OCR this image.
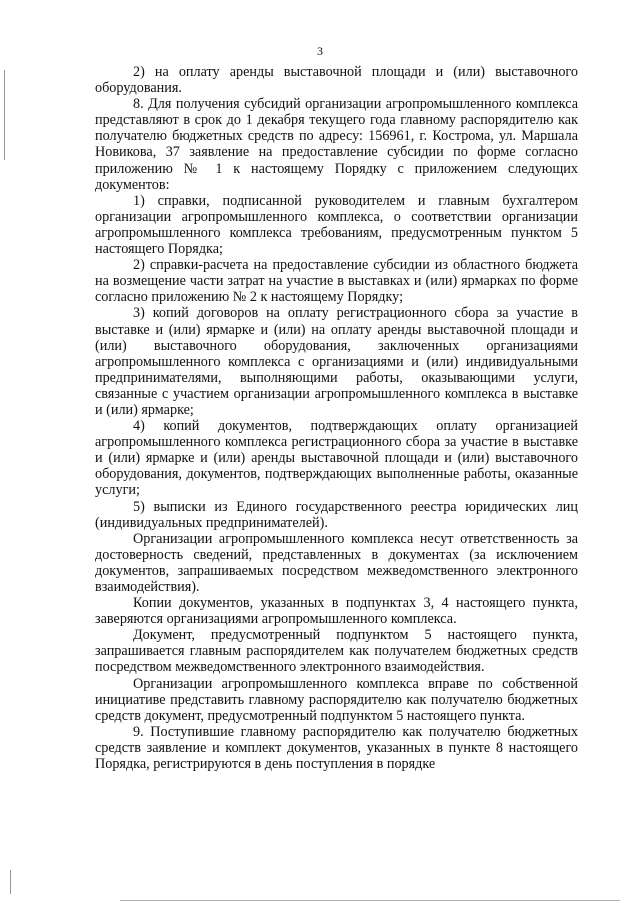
3

2) на оплату аренды выставочной площади и (или) выставочного оборудования.

8. Для получения субсидий организации агропромышленного комплекса представляют в срок до 1 декабря текущего года главному распорядителю как получателю бюджетных средств по адресу: 156961, г. Кострома, ул. Маршала Новикова, 37 заявление на предоставление субсидии по форме согласно приложению № 1 к настоящему Порядку с приложением следующих документов:

1) справки, подписанной руководителем и главным бухгалтером организации агропромышленного комплекса, о соответствии организации агропромышленного комплекса требованиям, предусмотренным пунктом 5 настоящего Порядка;

2) справки-расчета на предоставление субсидии из областного бюджета на возмещение части затрат на участие в выставках и (или) ярмарках по форме согласно приложению № 2 к настоящему Порядку;

3) копий договоров на оплату регистрационного сбора за участие в выставке и (или) ярмарке и (или) на оплату аренды выставочной площади и (или) выставочного оборудования, заключенных организациями агропромышленного комплекса с организациями и (или) индивидуальными предпринимателями, выполняющими работы, оказывающими услуги, связанные с участием организации агропромышленного комплекса в выставке и (или) ярмарке;

4) копий документов, подтверждающих оплату организацией агропромышленного комплекса регистрационного сбора за участие в выставке и (или) ярмарке и (или) аренды выставочной площади и (или) выставочного оборудования, документов, подтверждающих выполненные работы, оказанные услуги;

5) выписки из Единого государственного реестра юридических лиц (индивидуальных предпринимателей).

Организации агропромышленного комплекса несут ответственность за достоверность сведений, представленных в документах (за исключением документов, запрашиваемых посредством межведомственного электронного взаимодействия).

Копии документов, указанных в подпунктах 3, 4 настоящего пункта, заверяются организациями агропромышленного комплекса.

Документ, предусмотренный подпунктом 5 настоящего пункта, запрашивается главным распорядителем как получателем бюджетных средств посредством межведомственного электронного взаимодействия.

Организации агропромышленного комплекса вправе по собственной инициативе представить главному распорядителю как получателю бюджетных средств документ, предусмотренный подпунктом 5 настоящего пункта.

9. Поступившие главному распорядителю как получателю бюджетных средств заявление и комплект документов, указанных в пункте 8 настоящего Порядка, регистрируются в день поступления в порядке
